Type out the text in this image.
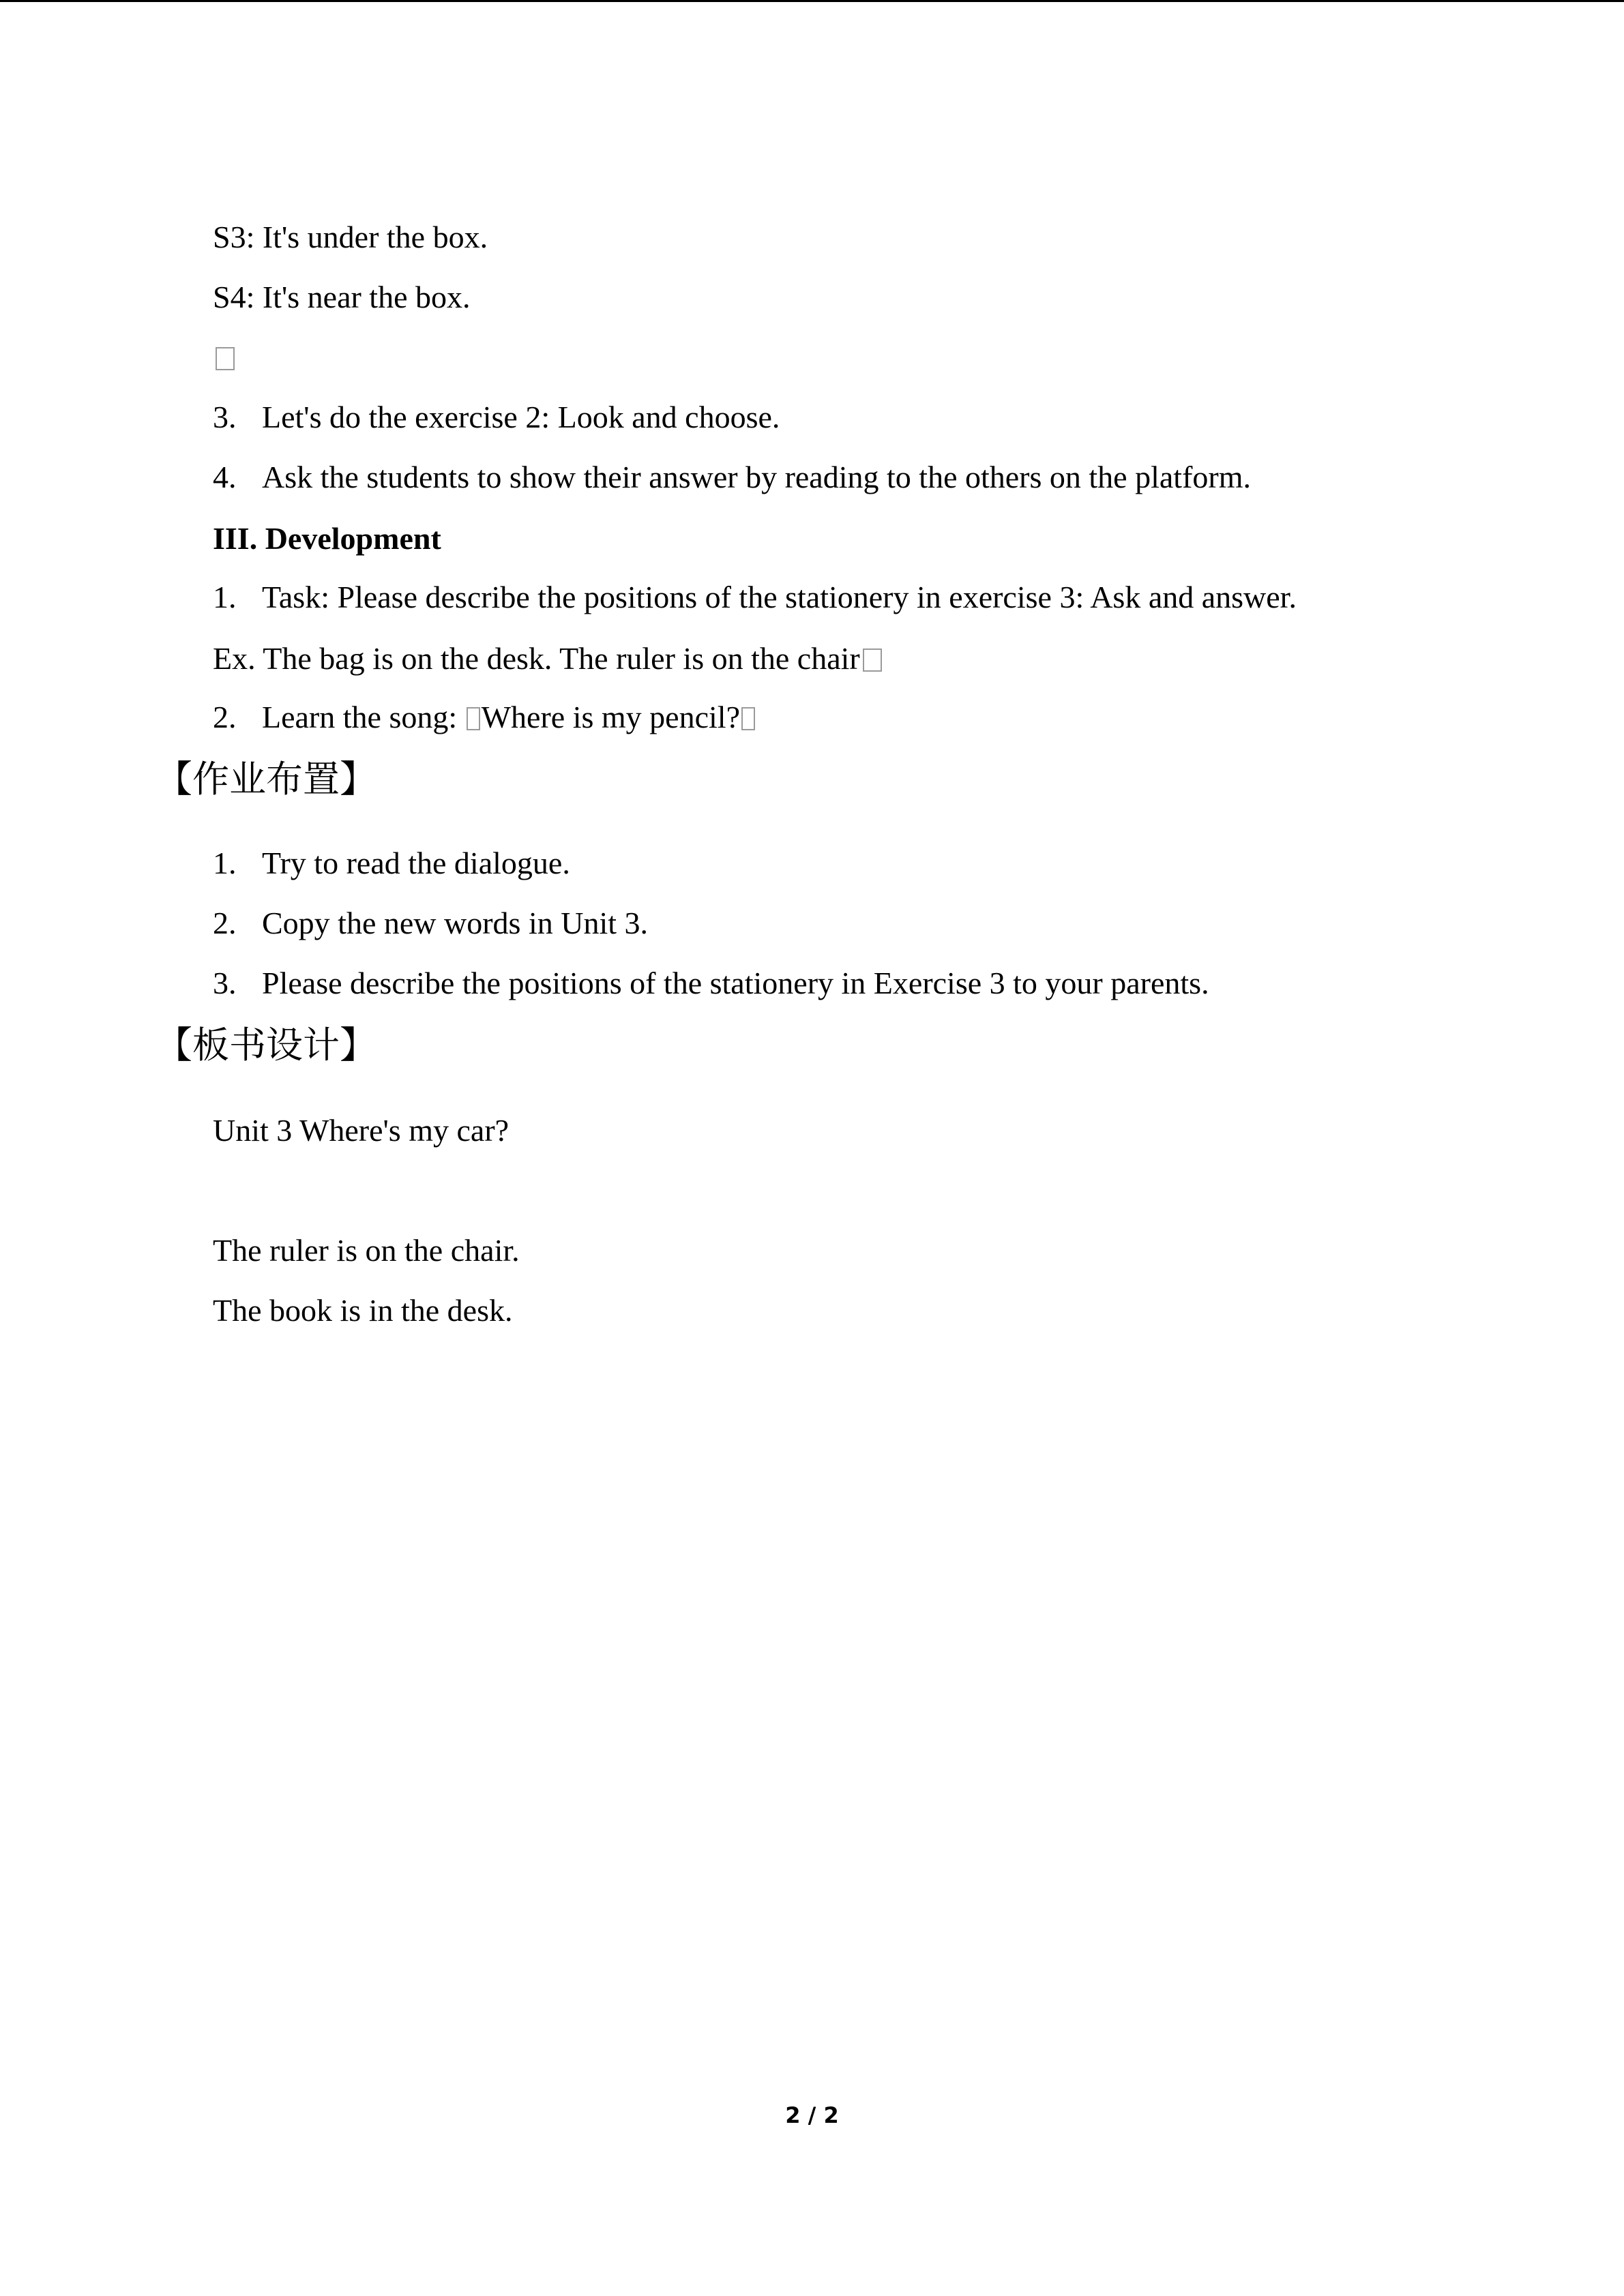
S3: It's under the box.
S4: It's near the box.
3. Let's do the exercise 2: Look and choose.
4. Ask the students to show their answer by reading to the others on the platform.
III. Development
1. Task: Please describe the positions of the stationery in exercise 3: Ask and answer.
Ex. The bag is on the desk. The ruler is on the chair
2. Learn the song: Where is my pencil?
【作业布置】
1. Try to read the dialogue.
2. Copy the new words in Unit 3.
3. Please describe the positions of the stationery in Exercise 3 to your parents.
【板书设计】
Unit 3 Where's my car?
The ruler is on the chair.
The book is in the desk.
2 / 2
